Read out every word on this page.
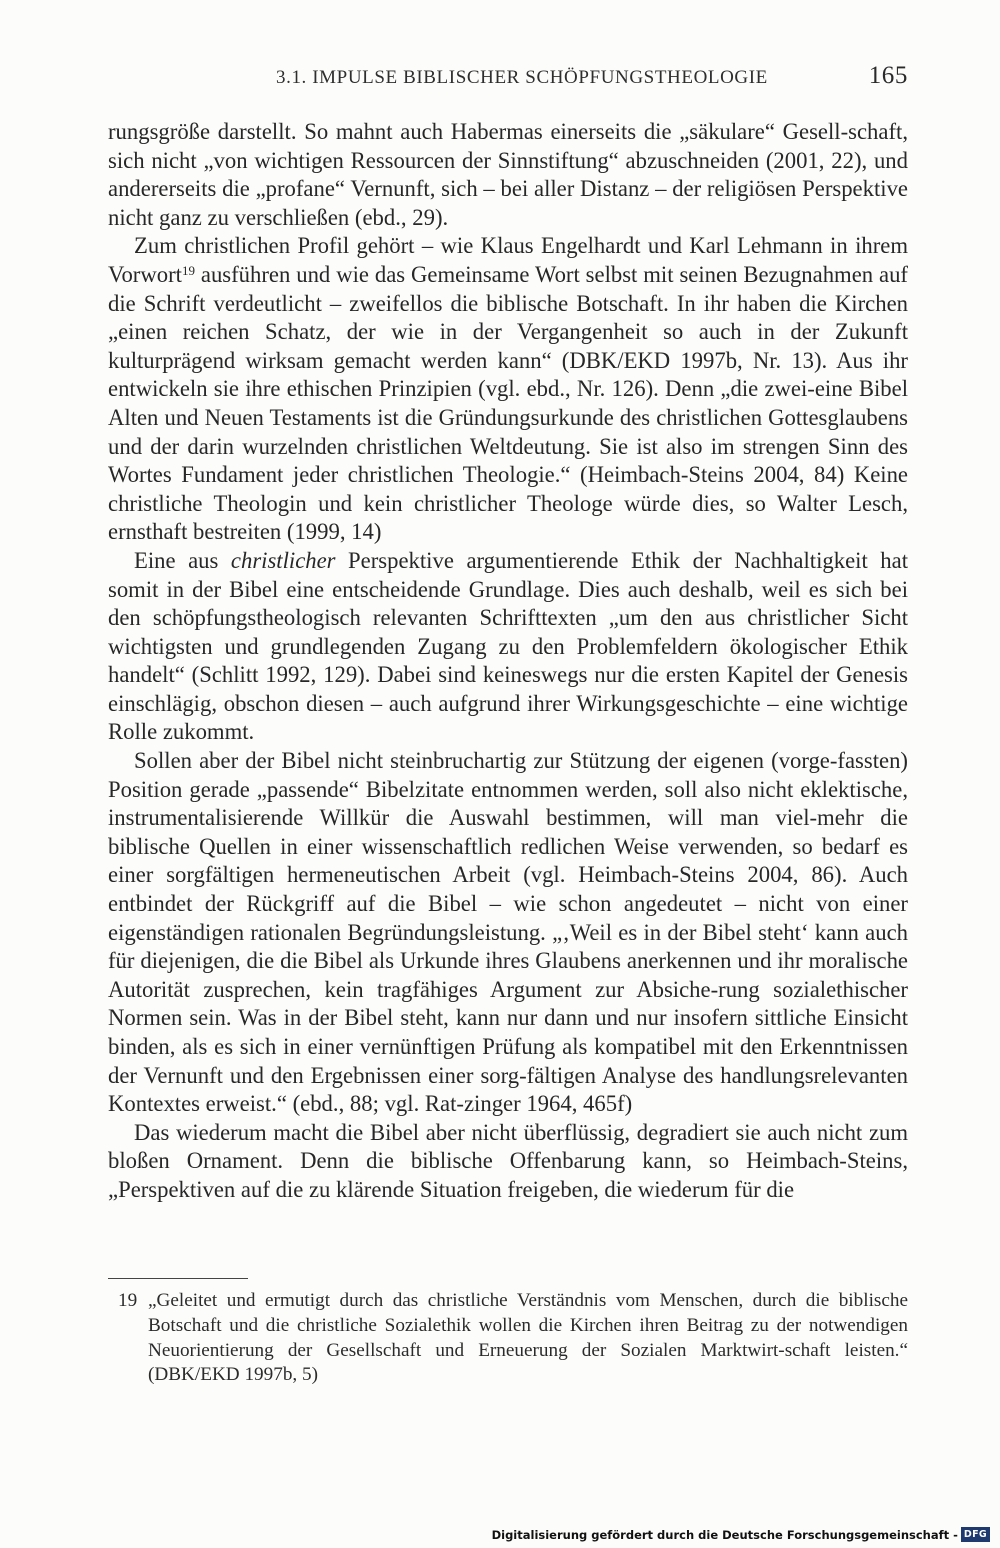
3.1. IMPULSE BIBLISCHER SCHÖPFUNGSTHEOLOGIE	165

rungsgröße darstellt. So mahnt auch Habermas einerseits die „säkulare“ Gesell-schaft, sich nicht „von wichtigen Ressourcen der Sinnstiftung“ abzuschneiden (2001, 22), und andererseits die „profane“ Vernunft, sich – bei aller Distanz – der religiösen Perspektive nicht ganz zu verschließen (ebd., 29).

Zum christlichen Profil gehört – wie Klaus Engelhardt und Karl Lehmann in ihrem Vorwort$^{19}$ ausführen und wie das Gemeinsame Wort selbst mit seinen Bezugnahmen auf die Schrift verdeutlicht – zweifellos die biblische Botschaft. In ihr haben die Kirchen „einen reichen Schatz, der wie in der Vergangenheit so auch in der Zukunft kulturprägend wirksam gemacht werden kann“ (DBK/EKD 1997b, Nr. 13). Aus ihr entwickeln sie ihre ethischen Prinzipien (vgl. ebd., Nr. 126). Denn „die zwei-eine Bibel Alten und Neuen Testaments ist die Gründungsurkunde des christlichen Gottesglaubens und der darin wurzelnden christlichen Weltdeutung. Sie ist also im strengen Sinn des Wortes Fundament jeder christlichen Theologie.“ (Heimbach-Steins 2004, 84) Keine christliche Theologin und kein christlicher Theologe würde dies, so Walter Lesch, ernsthaft bestreiten (1999, 14)

Eine aus christlicher Perspektive argumentierende Ethik der Nachhaltigkeit hat somit in der Bibel eine entscheidende Grundlage. Dies auch deshalb, weil es sich bei den schöpfungstheologisch relevanten Schrifttexten „um den aus christlicher Sicht wichtigsten und grundlegenden Zugang zu den Problemfeldern ökologischer Ethik handelt“ (Schlitt 1992, 129). Dabei sind keineswegs nur die ersten Kapitel der Genesis einschlägig, obschon diesen – auch aufgrund ihrer Wirkungsgeschichte – eine wichtige Rolle zukommt.

Sollen aber der Bibel nicht steinbruchartig zur Stützung der eigenen (vorge-fassten) Position gerade „passende“ Bibelzitate entnommen werden, soll also nicht eklektische, instrumentalisierende Willkür die Auswahl bestimmen, will man viel-mehr die biblische Quellen in einer wissenschaftlich redlichen Weise verwenden, so bedarf es einer sorgfältigen hermeneutischen Arbeit (vgl. Heimbach-Steins 2004, 86). Auch entbindet der Rückgriff auf die Bibel – wie schon angedeutet – nicht von einer eigenständigen rationalen Begründungsleistung. „‚Weil es in der Bibel steht‘ kann auch für diejenigen, die die Bibel als Urkunde ihres Glaubens anerkennen und ihr moralische Autorität zusprechen, kein tragfähiges Argument zur Absiche-rung sozialethischer Normen sein. Was in der Bibel steht, kann nur dann und nur insofern sittliche Einsicht binden, als es sich in einer vernünftigen Prüfung als kompatibel mit den Erkenntnissen der Vernunft und den Ergebnissen einer sorg-fältigen Analyse des handlungsrelevanten Kontextes erweist.“ (ebd., 88; vgl. Rat-zinger 1964, 465f)

Das wiederum macht die Bibel aber nicht überflüssig, degradiert sie auch nicht zum bloßen Ornament. Denn die biblische Offenbarung kann, so Heimbach-Steins, „Perspektiven auf die zu klärende Situation freigeben, die wiederum für die

19 „Geleitet und ermutigt durch das christliche Verständnis vom Menschen, durch die biblische Botschaft und die christliche Sozialethik wollen die Kirchen ihren Beitrag zu der notwendigen Neuorientierung der Gesellschaft und Erneuerung der Sozialen Marktwirt-schaft leisten.“ (DBK/EKD 1997b, 5)
Digitalisierung gefördert durch die Deutsche Forschungsgemeinschaft - DFG
